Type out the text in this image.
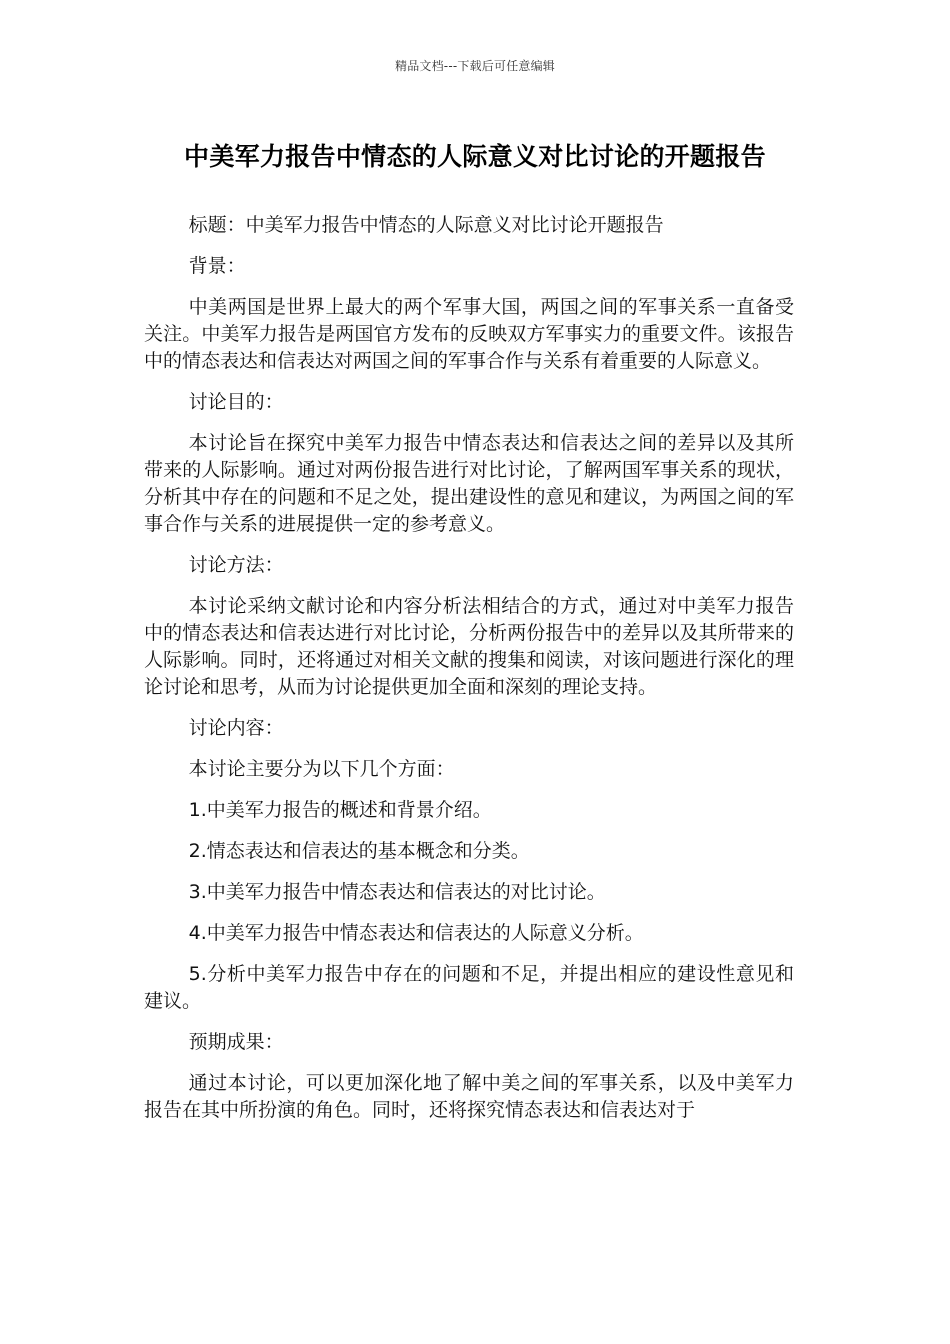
精品文档---下载后可任意编辑
中美军力报告中情态的人际意义对比讨论的开题报告

标题：中美军力报告中情态的人际意义对比讨论开题报告

背景：

中美两国是世界上最大的两个军事大国，两国之间的军事关系一直备受关注。中美军力报告是两国官方发布的反映双方军事实力的重要文件。该报告中的情态表达和信表达对两国之间的军事合作与关系有着重要的人际意义。

讨论目的：

本讨论旨在探究中美军力报告中情态表达和信表达之间的差异以及其所带来的人际影响。通过对两份报告进行对比讨论，了解两国军事关系的现状，分析其中存在的问题和不足之处，提出建设性的意见和建议，为两国之间的军事合作与关系的进展提供一定的参考意义。

讨论方法：

本讨论采纳文献讨论和内容分析法相结合的方式，通过对中美军力报告中的情态表达和信表达进行对比讨论，分析两份报告中的差异以及其所带来的人际影响。同时，还将通过对相关文献的搜集和阅读，对该问题进行深化的理论讨论和思考，从而为讨论提供更加全面和深刻的理论支持。

讨论内容：

本讨论主要分为以下几个方面：

1.中美军力报告的概述和背景介绍。

2.情态表达和信表达的基本概念和分类。

3.中美军力报告中情态表达和信表达的对比讨论。

4.中美军力报告中情态表达和信表达的人际意义分析。

5.分析中美军力报告中存在的问题和不足，并提出相应的建设性意见和建议。

预期成果：

通过本讨论，可以更加深化地了解中美之间的军事关系，以及中美军力报告在其中所扮演的角色。同时，还将探究情态表达和信表达对于
